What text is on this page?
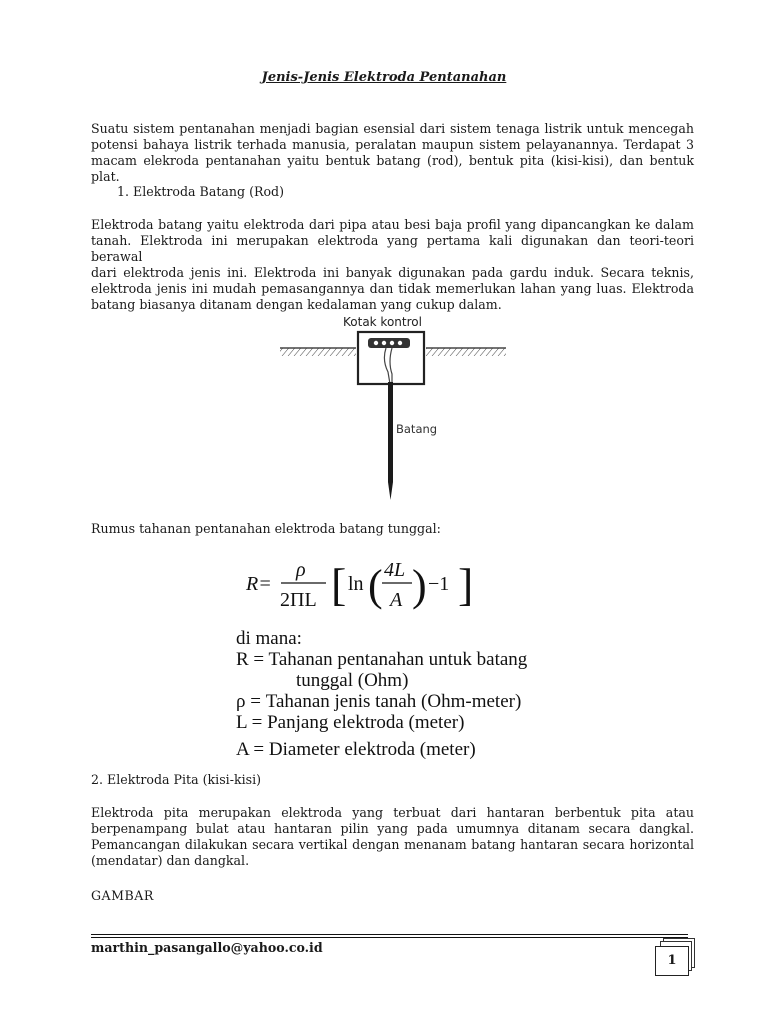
Jenis-Jenis Elektroda Pentanahan
Suatu sistem pentanahan menjadi bagian esensial dari sistem tenaga listrik untuk mencegah
potensi bahaya listrik terhada manusia, peralatan maupun sistem pelayanannya. Terdapat 3
macam elekroda pentanahan yaitu bentuk batang (rod), bentuk pita (kisi-kisi), dan bentuk plat.
1. Elektroda Batang (Rod)
Elektroda batang yaitu elektroda dari pipa atau besi baja profil yang dipancangkan ke dalam
tanah. Elektroda ini merupakan elektroda yang pertama kali digunakan dan teori-teori berawal
dari elektroda jenis ini. Elektroda ini banyak digunakan pada gardu induk. Secara teknis,
elektroda jenis ini mudah pemasangannya dan tidak memerlukan lahan yang luas. Elektroda
batang biasanya ditanam dengan kedalaman yang cukup dalam.
Kotak kontrol
Batang
Rumus tahanan pentanahan elektroda batang tunggal:
R=
ρ
2ΠL [ ln ( 4L
A ) −1 ]
di mana:
R = Tahanan pentanahan untuk batang
tunggal (Ohm)
ρ = Tahanan jenis tanah (Ohm-meter)
L = Panjang elektroda (meter)
A = Diameter elektroda (meter)
2. Elektroda Pita (kisi-kisi)
Elektroda pita merupakan elektroda yang terbuat dari hantaran berbentuk pita atau
berpenampang bulat atau hantaran pilin yang pada umumnya ditanam secara dangkal.
Pemancangan dilakukan secara vertikal dengan menanam batang hantaran secara horizontal
(mendatar) dan dangkal.
GAMBAR
marthin_pasangallo@yahoo.co.id
1
